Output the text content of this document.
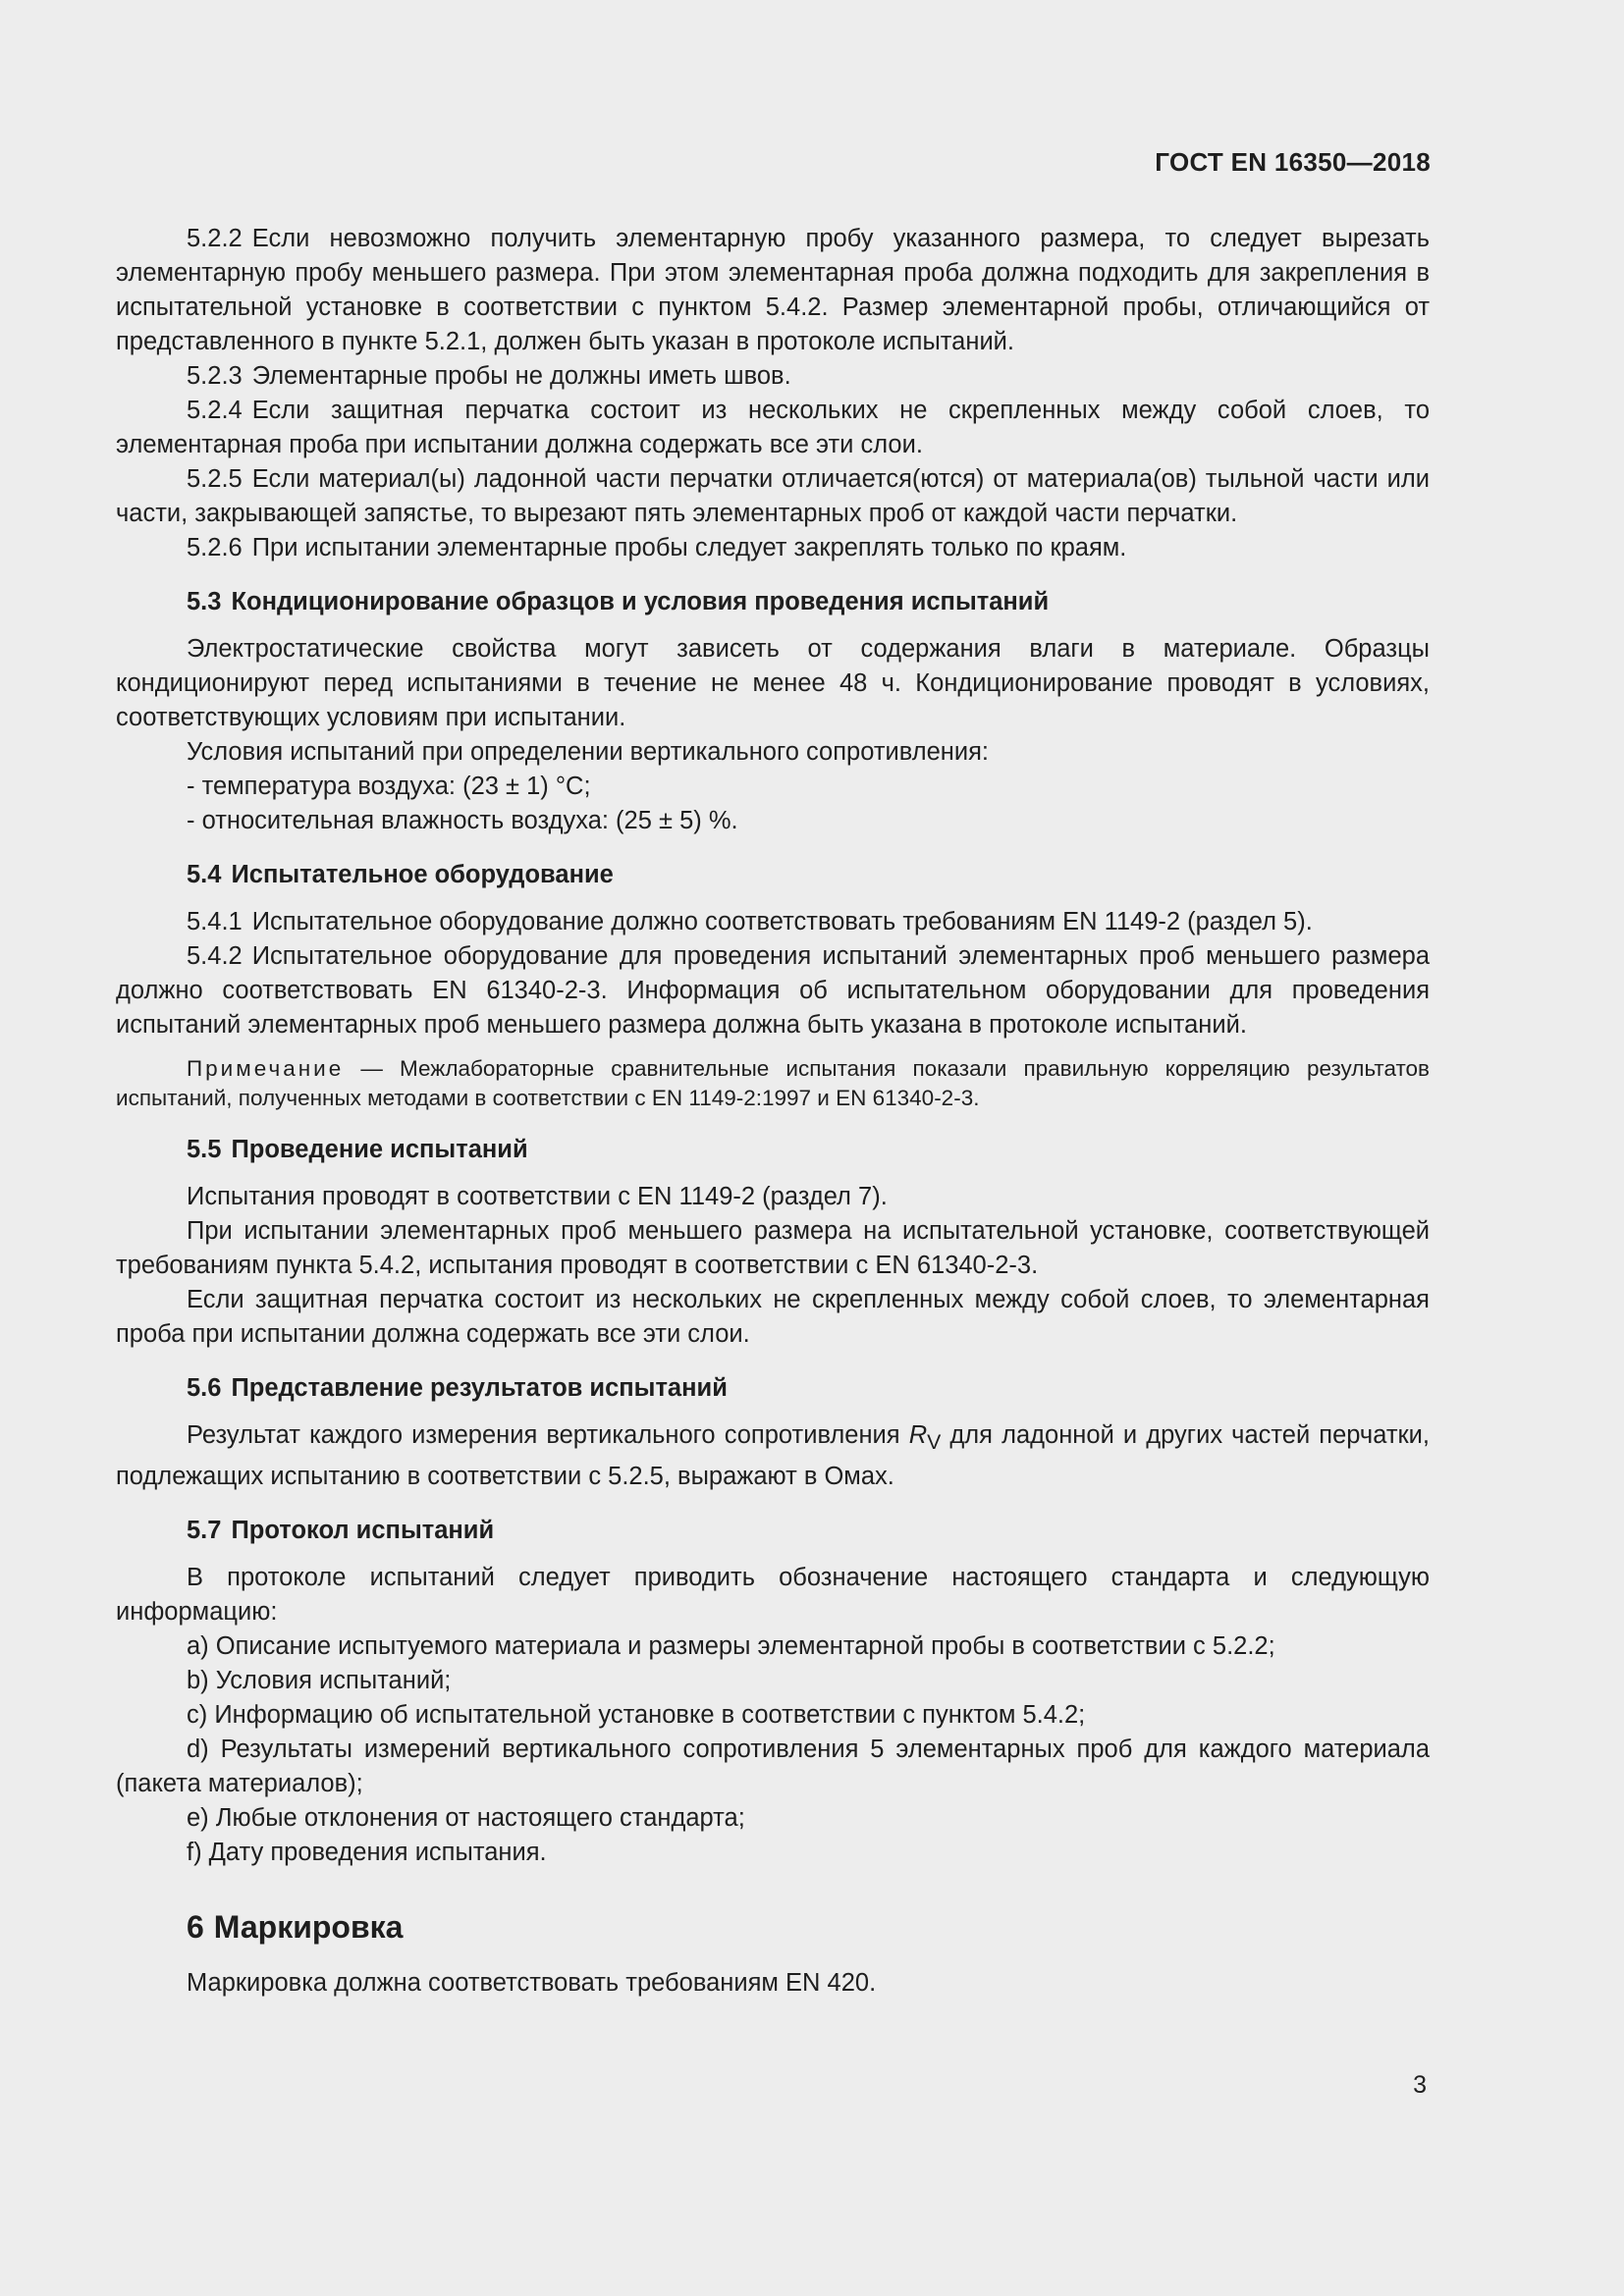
ГОСТ EN 16350—2018

5.2.2 Если невозможно получить элементарную пробу указанного размера, то следует вырезать элементарную пробу меньшего размера. При этом элементарная проба должна подходить для закрепления в испытательной установке в соответствии с пунктом 5.4.2. Размер элементарной пробы, отличающийся от представленного в пункте 5.2.1, должен быть указан в протоколе испытаний.

5.2.3 Элементарные пробы не должны иметь швов.

5.2.4 Если защитная перчатка состоит из нескольких не скрепленных между собой слоев, то элементарная проба при испытании должна содержать все эти слои.

5.2.5 Если материал(ы) ладонной части перчатки отличается(ются) от материала(ов) тыльной части или части, закрывающей запястье, то вырезают пять элементарных проб от каждой части перчатки.

5.2.6 При испытании элементарные пробы следует закреплять только по краям.

5.3 Кондиционирование образцов и условия проведения испытаний

Электростатические свойства могут зависеть от содержания влаги в материале. Образцы кондиционируют перед испытаниями в течение не менее 48 ч. Кондиционирование проводят в условиях, соответствующих условиям при испытании.

Условия испытаний при определении вертикального сопротивления:

- температура воздуха: (23 ± 1) °С;

- относительная влажность воздуха: (25 ± 5) %.

5.4 Испытательное оборудование

5.4.1 Испытательное оборудование должно соответствовать требованиям EN 1149-2 (раздел 5).

5.4.2 Испытательное оборудование для проведения испытаний элементарных проб меньшего размера должно соответствовать EN 61340-2-3. Информация об испытательном оборудовании для проведения испытаний элементарных проб меньшего размера должна быть указана в протоколе испытаний.

Примечание — Межлабораторные сравнительные испытания показали правильную корреляцию результатов испытаний, полученных методами в соответствии с EN 1149-2:1997 и EN 61340-2-3.

5.5 Проведение испытаний

Испытания проводят в соответствии с EN 1149-2 (раздел 7).

При испытании элементарных проб меньшего размера на испытательной установке, соответствующей требованиям пункта 5.4.2, испытания проводят в соответствии с EN 61340-2-3.

Если защитная перчатка состоит из нескольких не скрепленных между собой слоев, то элементарная проба при испытании должна содержать все эти слои.

5.6 Представление результатов испытаний

Результат каждого измерения вертикального сопротивления $R_V$ для ладонной и других частей перчатки, подлежащих испытанию в соответствии с 5.2.5, выражают в Омах.

5.7 Протокол испытаний

В протоколе испытаний следует приводить обозначение настоящего стандарта и следующую информацию:

a) Описание испытуемого материала и размеры элементарной пробы в соответствии с 5.2.2;

b) Условия испытаний;

c) Информацию об испытательной установке в соответствии с пунктом 5.4.2;

d) Результаты измерений вертикального сопротивления 5 элементарных проб для каждого материала (пакета материалов);

e) Любые отклонения от настоящего стандарта;

f) Дату проведения испытания.

6 Маркировка

Маркировка должна соответствовать требованиям EN 420.

3
